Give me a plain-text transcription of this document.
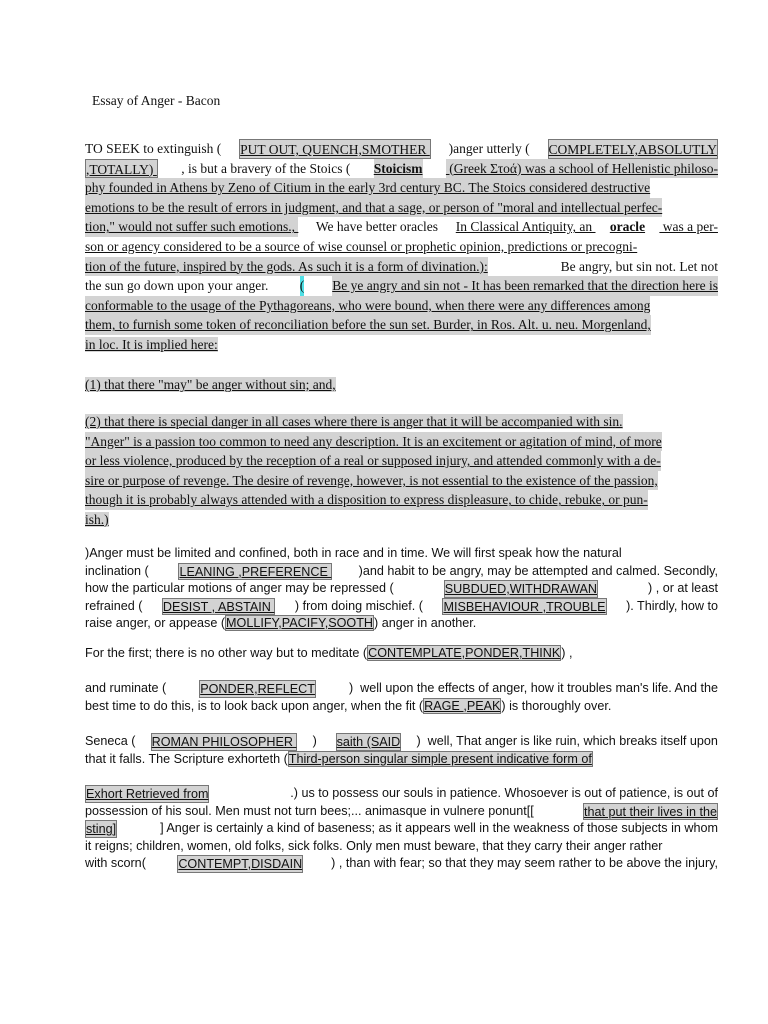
Essay of Anger - Bacon
TO SEEK to extinguish ( PUT OUT, QUENCH,SMOTHER )anger utterly ( COMPLETELY,ABSOLUTLY
,TOTALLY) , is but a bravery of the Stoics ( Stoicism (Greek Στοά) was a school of Hellenistic philoso-
phy founded in Athens by Zeno of Citium in the early 3rd century BC. The Stoics considered destructive
emotions to be the result of errors in judgment, and that a sage, or person of "moral and intellectual perfec-
tion," would not suffer such emotions., We have better oracles In Classical Antiquity, an oracle was a per-
son or agency considered to be a source of wise counsel or prophetic opinion, predictions or precogni-
tion of the future, inspired by the gods. As such it is a form of divination.):	Be angry, but sin not. Let not
the sun go down upon your anger. ( Be ye angry and sin not - It has been remarked that the direction here is
conformable to the usage of the Pythagoreans, who were bound, when there were any differences among
them, to furnish some token of reconciliation before the sun set. Burder, in Ros. Alt. u. neu. Morgenland,
in loc. It is implied here:
(1) that there "may" be anger without sin; and,
(2) that there is special danger in all cases where there is anger that it will be accompanied with sin.
"Anger" is a passion too common to need any description. It is an excitement or agitation of mind, of more
or less violence, produced by the reception of a real or supposed injury, and attended commonly with a de-
sire or purpose of revenge. The desire of revenge, however, is not essential to the existence of the passion,
though it is probably always attended with a disposition to express displeasure, to chide, rebuke, or pun-
ish.)
)Anger must be limited and confined, both in race and in time. We will first speak how the natural
inclination ( LEANING ,PREFERENCE )and habit to be angry, may be attempted and calmed. Secondly,
how the particular motions of anger may be repressed (	SUBDUED,WITHDRAWAN	) , or at least
refrained ( DESIST , ABSTAIN ) from doing mischief. ( MISBEHAVIOUR ,TROUBLE ). Thirdly, how to
raise anger, or appease (MOLLIFY,PACIFY,SOOTH) anger in another.
For the first; there is no other way but to meditate (CONTEMPLATE,PONDER,THINK) ,
and ruminate (	PONDER,REFLECT	)  well upon the effects of anger, how it troubles man's life. And the
best time to do this, is to look back upon anger, when the fit (RAGE ,PEAK) is thoroughly over.
Seneca ( ROMAN PHILOSOPHER ) saith (SAID )  well, That anger is like ruin, which breaks itself upon
that it falls. The Scripture exhorteth (Third-person singular simple present indicative form of
Exhort Retrieved from	.) us to possess our souls in patience. Whosoever is out of patience, is out of
possession of his soul. Men must not turn bees;... animasque in vulnere ponunt[[	that put their lives in the
sting]	] Anger is certainly a kind of baseness; as it appears well in the weakness of those subjects in whom
it reigns; children, women, old folks, sick folks. Only men must beware, that they carry their anger rather
with scorn( CONTEMPT,DISDAIN ) , than with fear; so that they may seem rather to be above the injury,
